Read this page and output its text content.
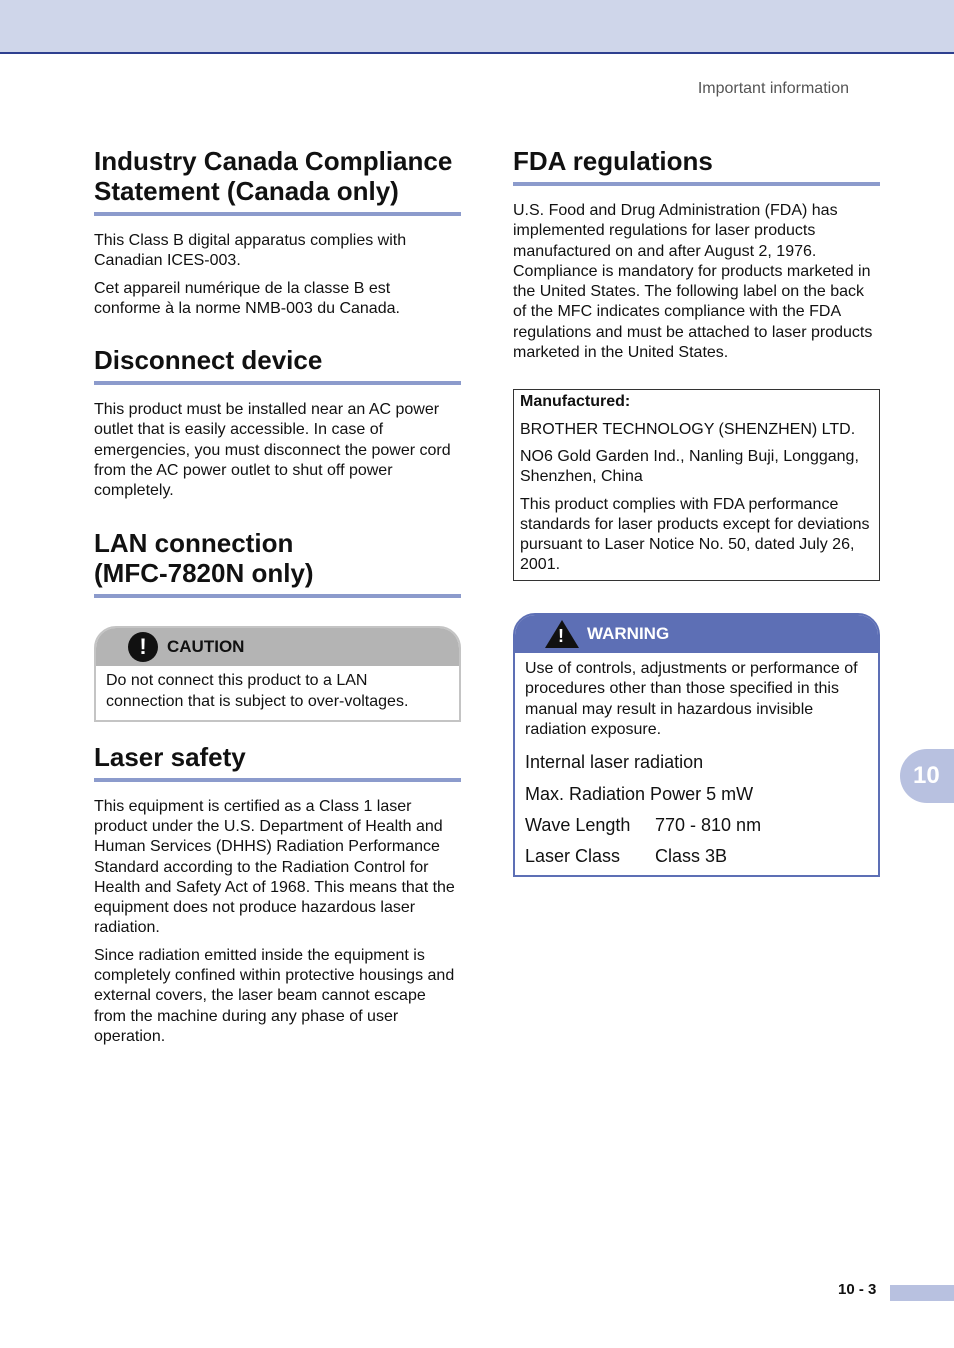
Important information
Industry Canada Compliance Statement (Canada only)

This Class B digital apparatus complies with Canadian ICES-003.

Cet appareil numérique de la classe B est conforme à la norme NMB-003 du Canada.

Disconnect device

This product must be installed near an AC power outlet that is easily accessible. In case of emergencies, you must disconnect the power cord from the AC power outlet to shut off power completely.

LAN connection
(MFC-7820N only)
!	CAUTION
Do not connect this product to a LAN connection that is subject to over-voltages.
Laser safety

This equipment is certified as a Class 1 laser product under the U.S. Department of Health and Human Services (DHHS) Radiation Performance Standard according to the Radiation Control for Health and Safety Act of 1968. This means that the equipment does not produce hazardous laser radiation.

Since radiation emitted inside the equipment is completely confined within protective housings and external covers, the laser beam cannot escape from the machine during any phase of user operation.

FDA regulations

U.S. Food and Drug Administration (FDA) has implemented regulations for laser products manufactured on and after August 2, 1976. Compliance is mandatory for products marketed in the United States. The following label on the back of the MFC indicates compliance with the FDA regulations and must be attached to laser products marketed in the United States.

Manufactured:

BROTHER TECHNOLOGY (SHENZHEN) LTD.

NO6 Gold Garden Ind., Nanling Buji, Longgang, Shenzhen, China

This product complies with FDA performance standards for laser products except for deviations pursuant to Laser Notice No. 50, dated July 26, 2001.

! WARNING

Use of controls, adjustments or performance of procedures other than those specified in this manual may result in hazardous invisible radiation exposure.

Internal laser radiation
Max. Radiation Power 5 mW
Wave Length	770 - 810 nm
Laser Class	Class 3B
10
10 - 3
